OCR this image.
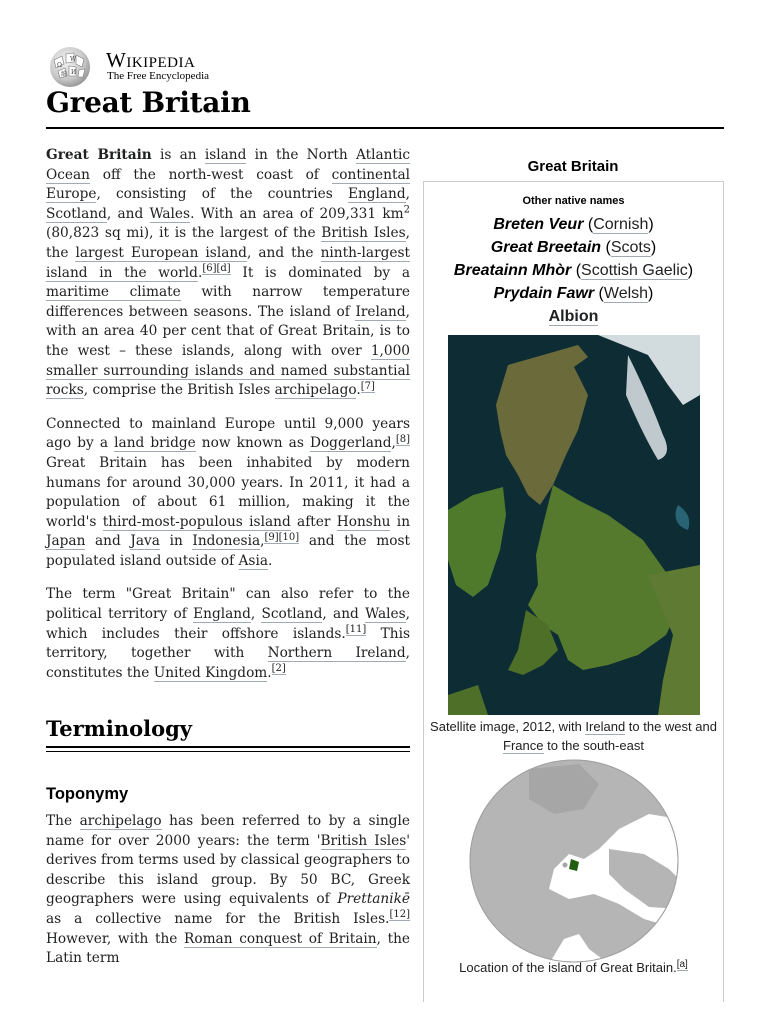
Ω
W
И
維
Wikipedia
The Free Encyclopedia
Great Britain

Great Britain is an island in the North Atlantic Ocean off the north-west coast of continental Europe, consisting of the countries England, Scotland, and Wales. With an area of 209,331 $km^2$ (80,823 sq mi), it is the largest of the British Isles, the largest European island, and the ninth-largest island in the world.[6][d] It is dominated by a maritime climate with narrow temperature differences between seasons. The island of Ireland, with an area 40 per cent that of Great Britain, is to the west – these islands, along with over 1,000 smaller surrounding islands and named substantial rocks, comprise the British Isles archipelago.[7]

Connected to mainland Europe until 9,000 years ago by a land bridge now known as Doggerland,[8] Great Britain has been inhabited by modern humans for around 30,000 years. In 2011, it had a population of about 61 million, making it the world's third-most-populous island after Honshu in Japan and Java in Indonesia,[9][10] and the most populated island outside of Asia.

The term "Great Britain" can also refer to the political territory of England, Scotland, and Wales, which includes their offshore islands.[11] This territory, together with Northern Ireland, constitutes the United Kingdom.[2]

Terminology
Toponymy

The archipelago has been referred to by a single name for over 2000 years: the term 'British Isles' derives from terms used by classical geographers to describe this island group. By 50 BC, Greek geographers were using equivalents of Prettanikē as a collective name for the British Isles.[12] However, with the Roman conquest of Britain, the Latin term

Great Britain
Other native names
Breten Veur (Cornish)
Great Breetain (Scots)
Breatainn Mhòr (Scottish Gaelic)
Prydain Fawr (Welsh)
Albion
Satellite image, 2012, with Ireland to the west and France to the south-east
Location of the island of Great Britain.[a]
